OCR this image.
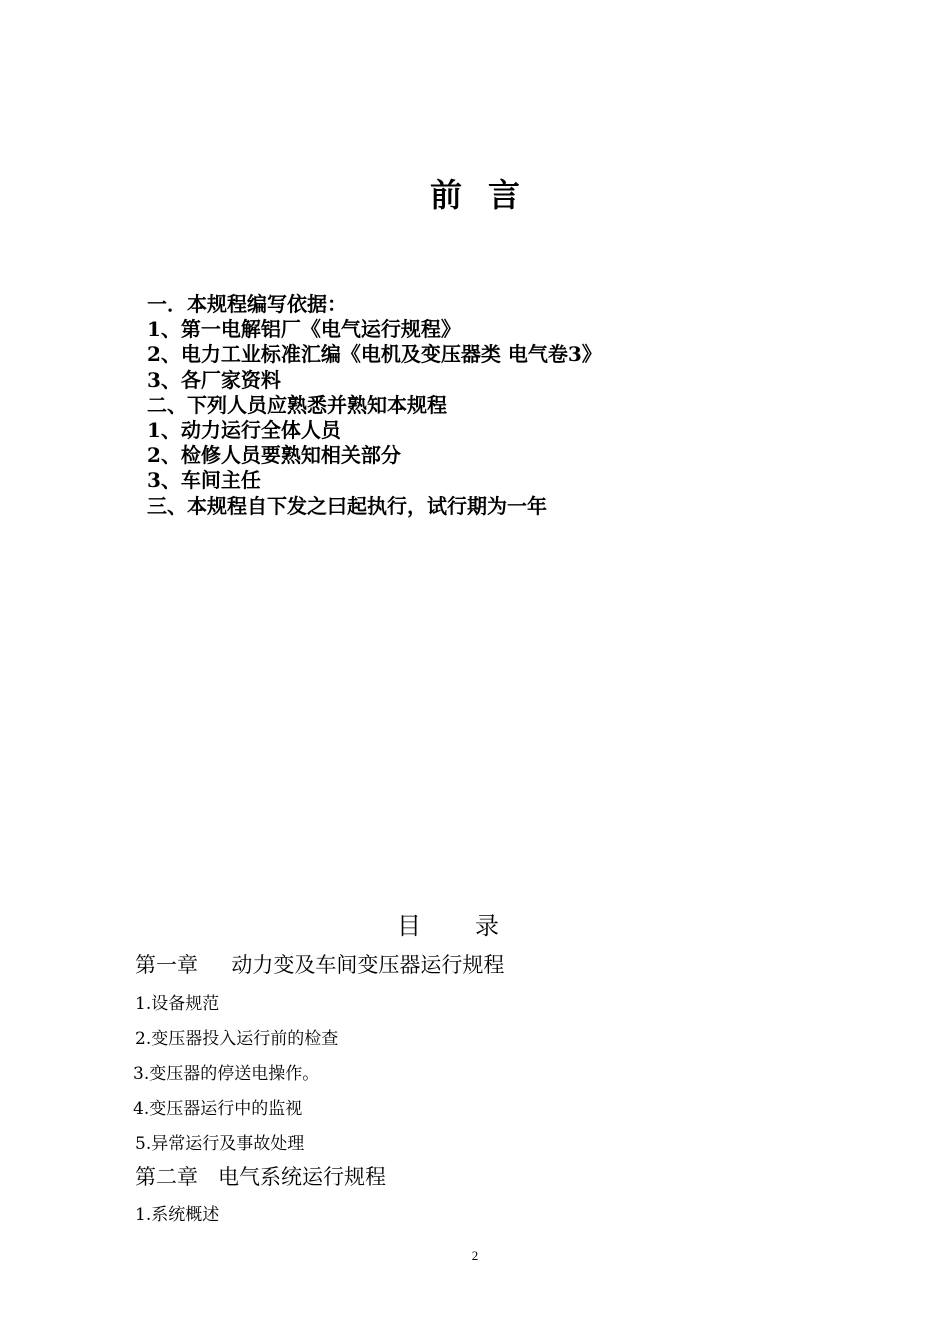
前言
一．本规程编写依据：
1、第一电解铝厂《电气运行规程》
2、电力工业标准汇编《电机及变压器类 电气卷3》
3、各厂家资料
二、下列人员应熟悉并熟知本规程
1、动力运行全体人员
2、检修人员要熟知相关部分
3、车间主任
三、本规程自下发之曰起执行，试行期为一年
目录
第一章     动力变及车间变压器运行规程
1.设备规范
2.变压器投入运行前的检查
3.变压器的停送电操作。
4.变压器运行中的监视
5.异常运行及事故处理
第二章   电气系统运行规程
1.系统概述
2
